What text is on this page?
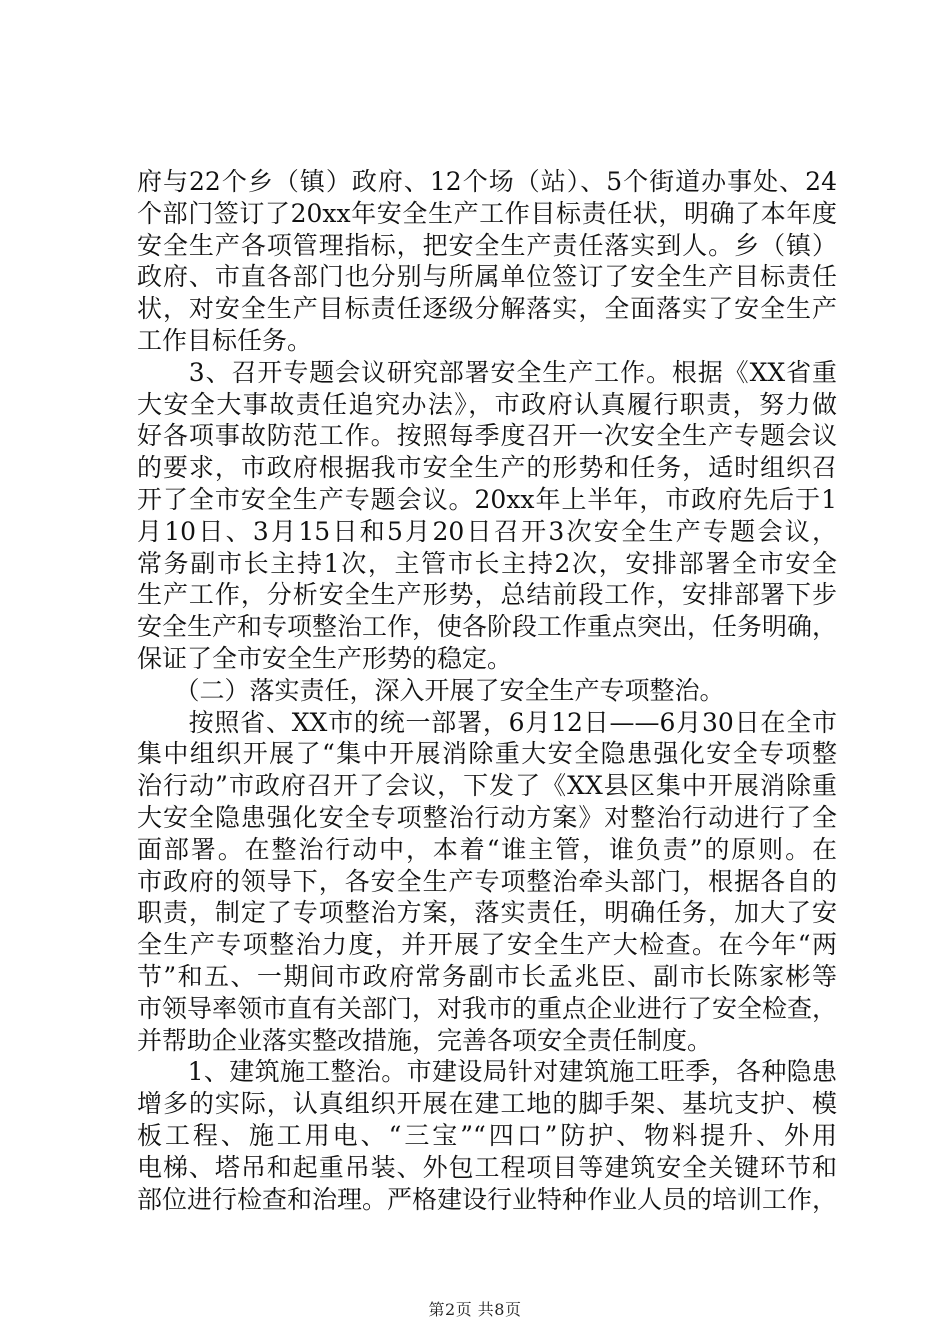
府与22个乡（镇）政府、12个场（站）、5个街道办事处、24
个部门签订了20xx年安全生产工作目标责任状，明确了本年度
安全生产各项管理指标，把安全生产责任落实到人。乡（镇）
政府、市直各部门也分别与所属单位签订了安全生产目标责任
状，对安全生产目标责任逐级分解落实，全面落实了安全生产
工作目标任务。
　　3、召开专题会议研究部署安全生产工作。根据《XX省重
大安全大事故责任追究办法》，市政府认真履行职责，努力做
好各项事故防范工作。按照每季度召开一次安全生产专题会议
的要求，市政府根据我市安全生产的形势和任务，适时组织召
开了全市安全生产专题会议。20xx年上半年，市政府先后于1
月10日、3月15日和5月20日召开3次安全生产专题会议，
常务副市长主持1次，主管市长主持2次，安排部署全市安全
生产工作，分析安全生产形势，总结前段工作，安排部署下步
安全生产和专项整治工作，使各阶段工作重点突出，任务明确，
保证了全市安全生产形势的稳定。
　　（二）落实责任，深入开展了安全生产专项整治。
　　按照省、XX市的统一部署，6月12日——6月30日在全市
集中组织开展了“集中开展消除重大安全隐患强化安全专项整
治行动”市政府召开了会议，下发了《XX县区集中开展消除重
大安全隐患强化安全专项整治行动方案》对整治行动进行了全
面部署。在整治行动中，本着“谁主管，谁负责”的原则。在
市政府的领导下，各安全生产专项整治牵头部门，根据各自的
职责，制定了专项整治方案，落实责任，明确任务，加大了安
全生产专项整治力度，并开展了安全生产大检查。在今年“两
节”和五、一期间市政府常务副市长孟兆臣、副市长陈家彬等
市领导率领市直有关部门，对我市的重点企业进行了安全检查，
并帮助企业落实整改措施，完善各项安全责任制度。
　　1、建筑施工整治。市建设局针对建筑施工旺季，各种隐患
增多的实际，认真组织开展在建工地的脚手架、基坑支护、模
板工程、施工用电、“三宝”“四口”防护、物料提升、外用
电梯、塔吊和起重吊装、外包工程项目等建筑安全关键环节和
部位进行检查和治理。严格建设行业特种作业人员的培训工作，
第2页 共8页
